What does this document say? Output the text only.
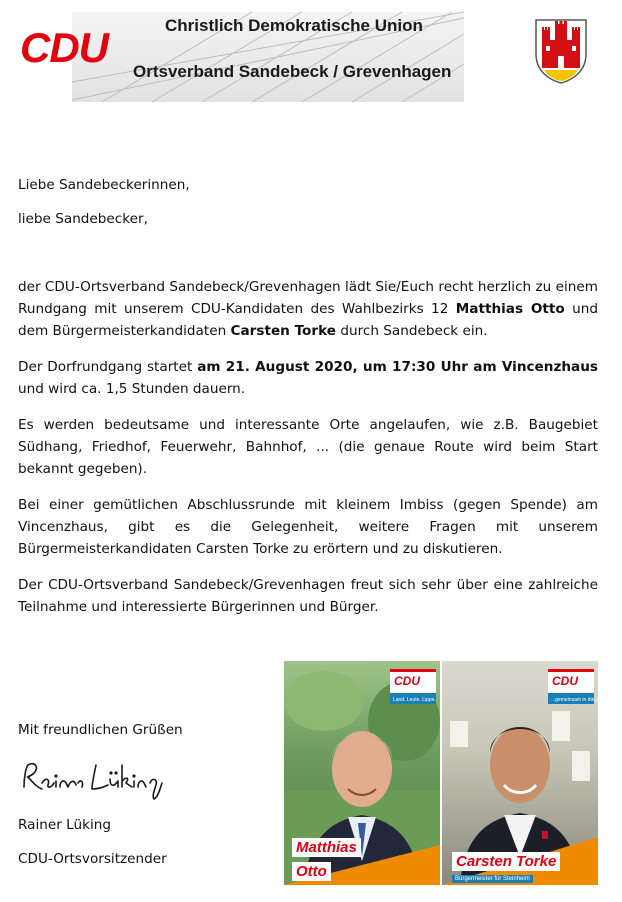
CDU	Christlich Demokratische Union
Ortsverband Sandebeck / Grevenhagen

Liebe Sandebeckerinnen,

liebe Sandebecker,

der CDU-Ortsverband Sandebeck/Grevenhagen lädt Sie/Euch recht herzlich zu einem Rundgang mit unserem CDU-Kandidaten des Wahlbezirks 12 Matthias Otto und dem Bürgermeisterkandidaten Carsten Torke durch Sandebeck ein.

Der Dorfrundgang startet am 21. August 2020, um 17:30 Uhr am Vincenzhaus und wird ca. 1,5 Stunden dauern.

Es werden bedeutsame und interessante Orte angelaufen, wie z.B. Baugebiet Südhang, Friedhof, Feuerwehr, Bahnhof, ... (die genaue Route wird beim Start bekannt gegeben).

Bei einer gemütlichen Abschlussrunde mit kleinem Imbiss (gegen Spende) am Vincenzhaus, gibt es die Gelegenheit, weitere Fragen mit unserem Bürgermeisterkandidaten Carsten Torke zu erörtern und zu diskutieren.

Der CDU-Ortsverband Sandebeck/Grevenhagen freut sich sehr über eine zahlreiche Teilnahme und interessierte Bürgerinnen und Bürger.

Mit freundlichen Grüßen

Rainer Lüking

CDU-Ortsvorsitzender

CDU
Land. Leute. Lippe.
Matthias
Otto
CDU
...gemeinsam in die Zukunft.
Carsten Torke
Bürgermeister für Steinheim
